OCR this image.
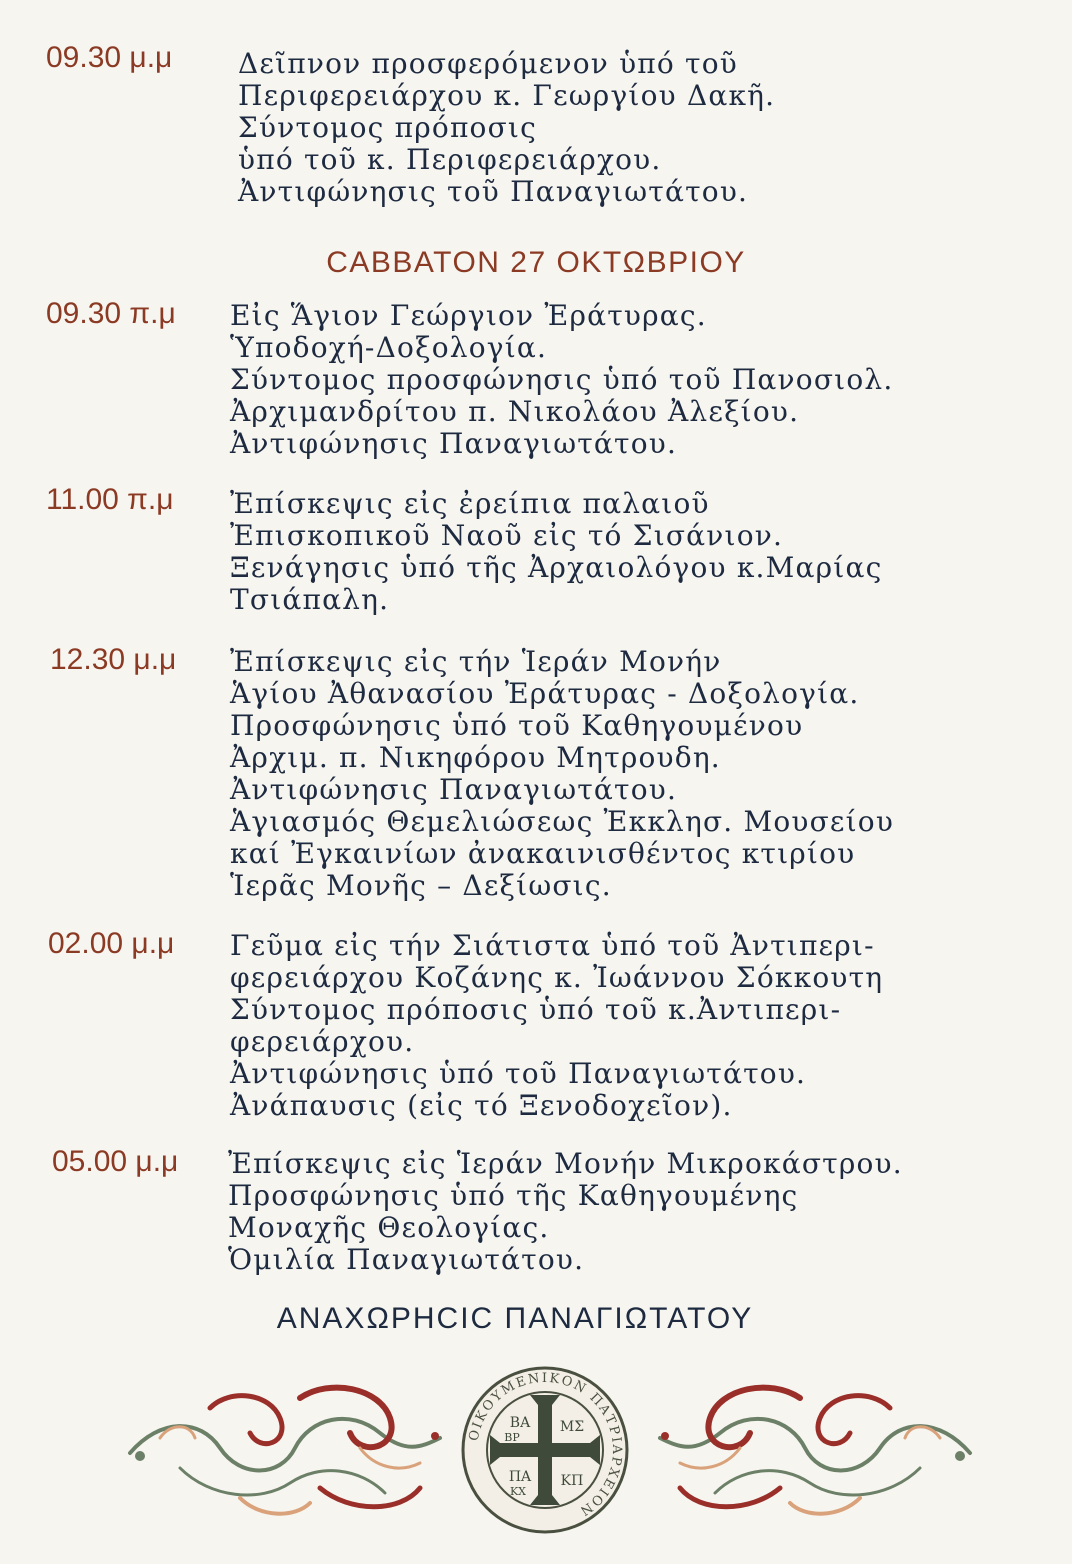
09.30 μ.μ Δεῖπνον προσφερόμενον ὑπό τοῦ
Περιφερειάρχου κ. Γεωργίου Δακῆ.
Σύντομος πρόποσις
ὑπό τοῦ κ. Περιφερειάρχου.
Ἀντιφώνησις τοῦ Παναγιωτάτου.
CABBATON 27 OKTΩBPIOY
09.30 π.μ Εἰς Ἅγιον Γεώργιον Ἐράτυρας.
Ὑποδοχή-Δοξολογία.
Σύντομος προσφώνησις ὑπό τοῦ Πανοσιολ.
Ἀρχιμανδρίτου π. Νικολάου Ἀλεξίου.
Ἀντιφώνησις Παναγιωτάτου.
11.00 π.μ Ἐπίσκεψις εἰς ἐρείπια παλαιοῦ
Ἐπισκοπικοῦ Ναοῦ εἰς τό Σισάνιον.
Ξενάγησις ὑπό τῆς Ἀρχαιολόγου κ.Μαρίας
Τσιάπαλη.
12.30 μ.μ Ἐπίσκεψις εἰς τήν Ἱεράν Μονήν
Ἁγίου Ἀθανασίου Ἐράτυρας - Δοξολογία.
Προσφώνησις ὑπό τοῦ Καθηγουμένου
Ἀρχιμ. π. Νικηφόρου Μητρουδη.
Ἀντιφώνησις Παναγιωτάτου.
Ἁγιασμός Θεμελιώσεως Ἐκκλησ. Μουσείου
καί Ἐγκαινίων ἀνακαινισθέντος κτιρίου
Ἱερᾶς Μονῆς – Δεξίωσις.
02.00 μ.μ Γεῦμα εἰς τήν Σιάτιστα ὑπό τοῦ Ἀντιπερι-
φερειάρχου Κοζάνης κ. Ἰωάννου Σόκκουτη
Σύντομος πρόποσις ὑπό τοῦ κ.Ἀντιπερι-
φερειάρχου.
Ἀντιφώνησις ὑπό τοῦ Παναγιωτάτου.
Ἀνάπαυσις (εἰς τό Ξενοδοχεῖον).
05.00 μ.μ Ἐπίσκεψις εἰς Ἱεράν Μονήν Μικροκάστρου.
Προσφώνησις ὑπό τῆς Καθηγουμένης
Μοναχῆς Θεολογίας.
Ὁμιλία Παναγιωτάτου.
ANAXΩPHCIC ΠΑΝΑΓΙΩΤΑΤΟΥ
ΟΙΚΟΥΜΕΝΙΚΟΝ ΠΑΤΡΙΑΡΧΕΙΟΝ
ΒΑ
ΒΡ
ΜΣ
ΠΑ
ΚΧ
ΚΠ
